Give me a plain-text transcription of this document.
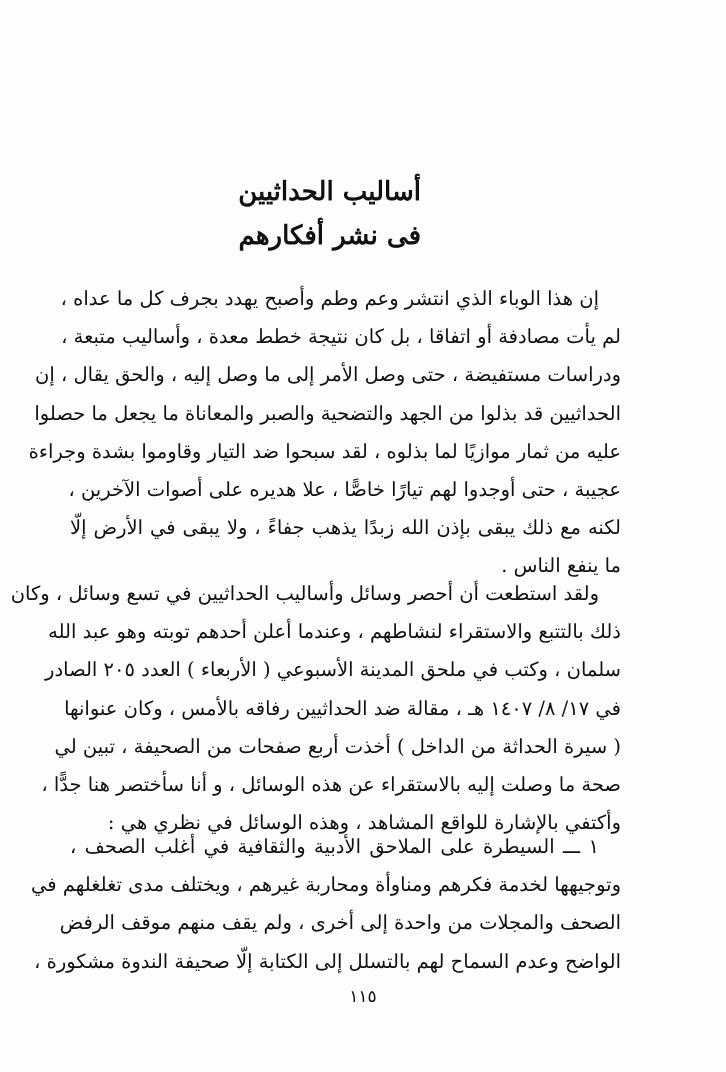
أساليب الحداثيين
فى نشر أفكارهم
إن هذا الوباء الذي انتشر وعم وطم وأصبح يهدد بجرف كل ما عداه ،
لم يأت مصادفة أو اتفاقا ، بل كان نتيجة خطط معدة ، وأساليب متبعة ،
ودراسات مستفيضة ، حتى وصل الأمر إلى ما وصل إليه ، والحق يقال ، إن
الحداثيين قد بذلوا من الجهد والتضحية والصبر والمعاناة ما يجعل ما حصلوا
عليه من ثمار موازيًا لما بذلوه ، لقد سبحوا ضد التيار وقاوموا بشدة وجراءة
عجيبة ، حتى أوجدوا لهم تيارًا خاصًّا ، علا هديره على أصوات الآخرين ،
لكنه مع ذلك يبقى بإذن الله زبدًا يذهب جفاءً ، ولا يبقى في الأرض إلّا
ما ينفع الناس .
ولقد استطعت أن أحصر وسائل وأساليب الحداثيين في تسع وسائل ، وكان
ذلك بالتتبع والاستقراء لنشاطهم ، وعندما أعلن أحدهم توبته وهو عبد الله
سلمان ، وكتب في ملحق المدينة الأسبوعي ( الأربعاء ) العدد ٢٠٥ الصادر
في ١٧/ ٨/ ١٤٠٧ هـ ، مقالة ضد الحداثيين رفاقه بالأمس ، وكان عنوانها
( سيرة الحداثة من الداخل ) أخذت أربع صفحات من الصحيفة ، تبين لي
صحة ما وصلت إليه بالاستقراء عن هذه الوسائل ، و أنا سأختصر هنا جدًّا ،
وأكتفي بالإشارة للواقع المشاهد ، وهذه الوسائل في نظري هي :
١ ـــ السيطرة على الملاحق الأدبية والثقافية في أغلب الصحف ،
وتوجيهها لخدمة فكرهم ومناوأة ومحاربة غيرهم ، ويختلف مدى تغلغلهم في
الصحف والمجلات من واحدة إلى أخرى ، ولم يقف منهم موقف الرفض
الواضح وعدم السماح لهم بالتسلل إلى الكتابة إلّا صحيفة الندوة مشكورة ،
١١٥
